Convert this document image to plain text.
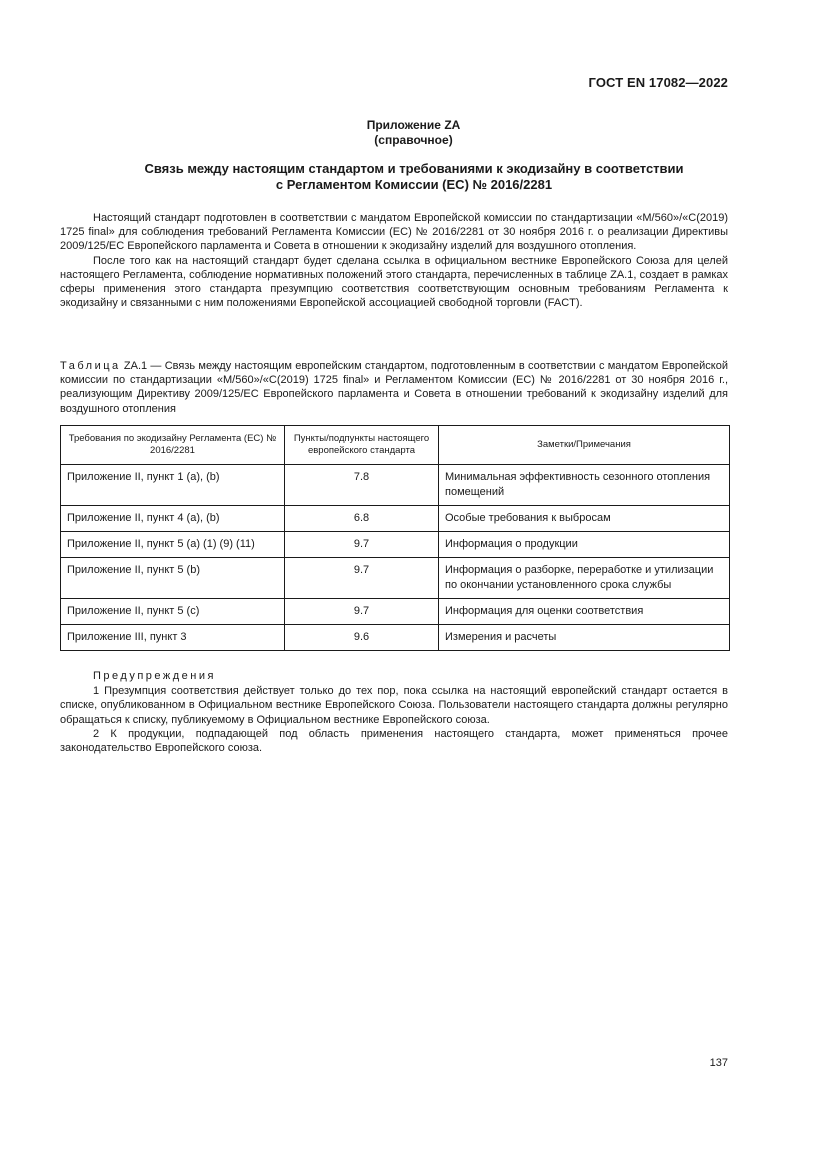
ГОСТ EN 17082—2022
Приложение ZA
(справочное)
Связь между настоящим стандартом и требованиями к экодизайну в соответствии
с Регламентом Комиссии (ЕС) № 2016/2281

Настоящий стандарт подготовлен в соответствии с мандатом Европейской комиссии по стандартизации «M/560»/«С(2019) 1725 final» для соблюдения требований Регламента Комиссии (ЕС) № 2016/2281 от 30 ноября 2016 г. о реализации Директивы 2009/125/ЕС Европейского парламента и Совета в отношении к экодизайну изделий для воздушного отопления.

После того как на настоящий стандарт будет сделана ссылка в официальном вестнике Европейского Союза для целей настоящего Регламента, соблюдение нормативных положений этого стандарта, перечисленных в таблице ZA.1, создает в рамках сферы применения этого стандарта презумпцию соответствия соответствующим основным требованиям Регламента к экодизайну и связанными с ним положениями Европейской ассоциацией свободной торговли (FACT).

Таблица ZA.1 — Связь между настоящим европейским стандартом, подготовленным в соответствии с мандатом Европейской комиссии по стандартизации «M/560»/«C(2019) 1725 final» и Регламентом Комиссии (ЕС) № 2016/2281 от 30 ноября 2016 г., реализующим Директиву 2009/125/ЕС Европейского парламента и Совета в отношении требований к экодизайну изделий для воздушного отопления

Требования по экодизайну Регламента (ЕС) № 2016/2281	Пункты/подпункты настоящего европейского стандарта	Заметки/Примечания
Приложение II, пункт 1 (a), (b)	7.8	Минимальная эффективность сезонного отопления помещений
Приложение II, пункт 4 (a), (b)	6.8	Особые требования к выбросам
Приложение II, пункт 5 (a) (1) (9) (11)	9.7	Информация о продукции
Приложение II, пункт 5 (b)	9.7	Информация о разборке, переработке и утилизации по окончании установленного срока службы
Приложение II, пункт 5 (c)	9.7	Информация для оценки соответствия
Приложение III, пункт 3	9.6	Измерения и расчеты

Предупреждения

1 Презумпция соответствия действует только до тех пор, пока ссылка на настоящий европейский стандарт остается в списке, опубликованном в Официальном вестнике Европейского Союза. Пользователи настоящего стандарта должны регулярно обращаться к списку, публикуемому в Официальном вестнике Европейского союза.

2 К продукции, подпадающей под область применения настоящего стандарта, может применяться прочее законодательство Европейского союза.

137
